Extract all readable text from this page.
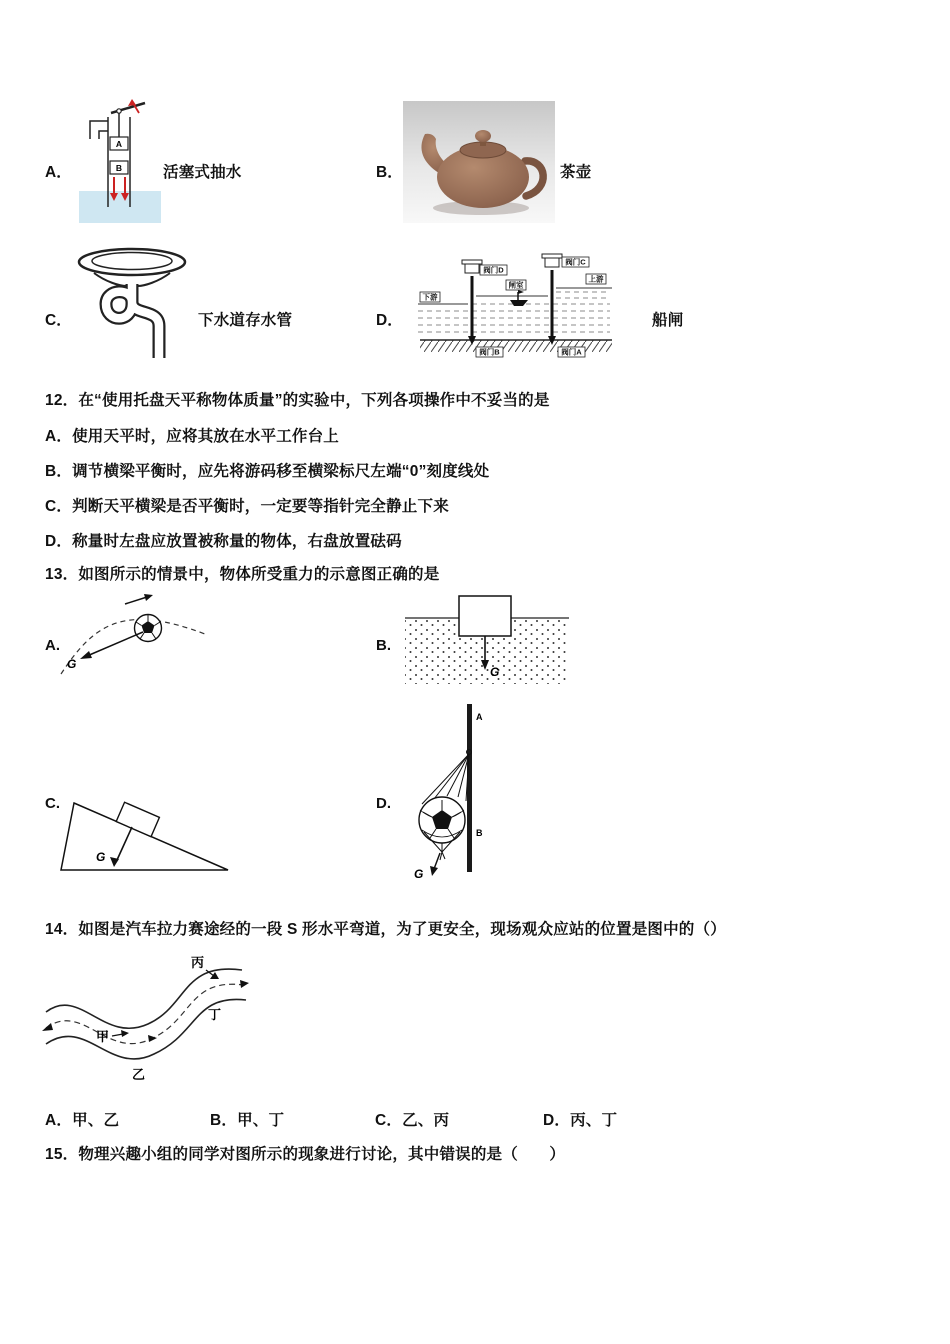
A．
A
B	活塞式抽水	B．	茶壶
C．	下水道存水管	D．
阀门D
阀门C
闸室
上游
下游
阀门B	阀门A
船闸
12．在“使用托盘天平称物体质量”的实验中，下列各项操作中不妥当的是
A．使用天平时，应将其放在水平工作台上
B．调节横梁平衡时，应先将游码移至横梁标尺左端“0”刻度线处
C．判断天平横梁是否平衡时，一定要等指针完全静止下来
D．称量时左盘应放置被称量的物体，右盘放置砝码
13．如图所示的情景中，物体所受重力的示意图正确的是
A.
G
B.
G
D.
A
B
G
C.
G
14．如图是汽车拉力赛途经的一段 S 形水平弯道，为了更安全，现场观众应站的位置是图中的（）
甲
乙
丙
丁
A．甲、乙	B．甲、丁	C．乙、丙	D．丙、丁
15．物理兴趣小组的同学对图所示的现象进行讨论，其中错误的是（　　）
